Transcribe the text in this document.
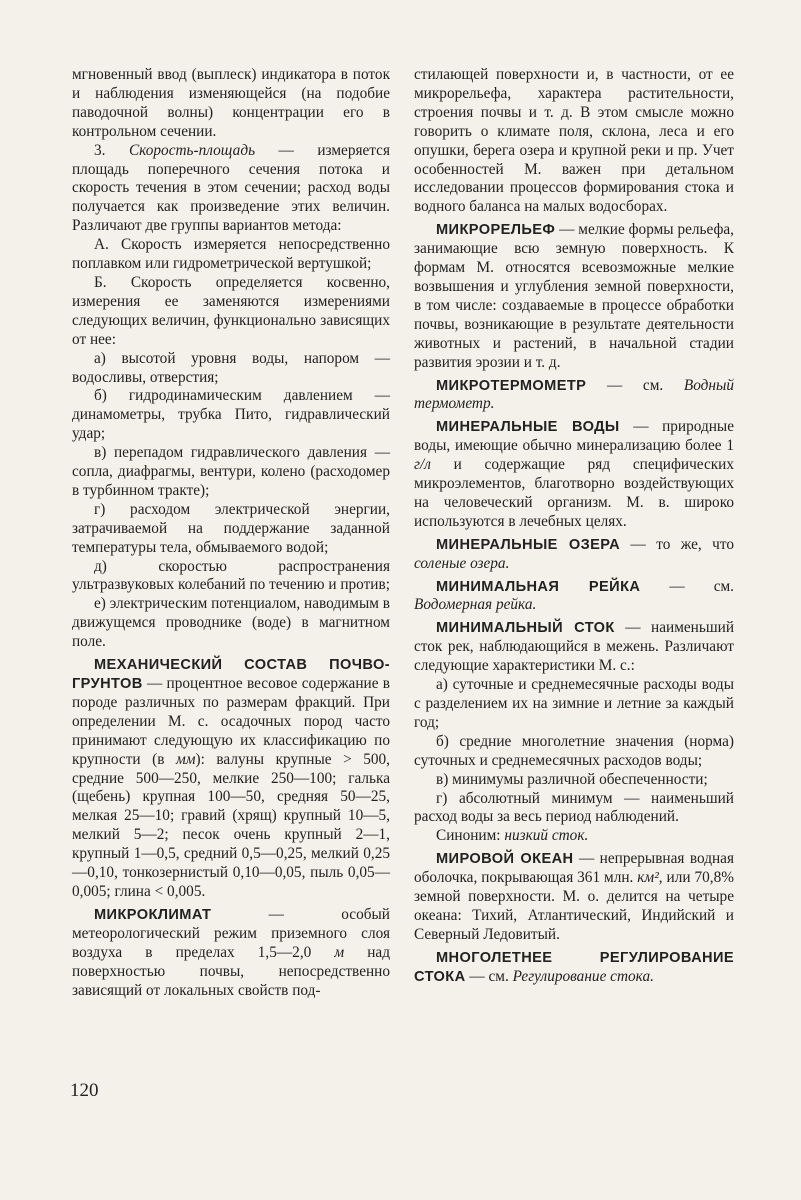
мгновенный ввод (выплеск) индикатора в поток и наблюдения изменяющейся (на подобие паводочной волны) концентрации его в контрольном сечении.

3. Скорость-площадь — измеряется площадь поперечного сечения потока и скорость течения в этом сечении; расход воды получается как произведение этих величин. Различают две группы вариантов метода:

А. Скорость измеряется непосредственно поплавком или гидрометрической вертушкой;

Б. Скорость определяется косвенно, измерения ее заменяются измерениями следующих величин, функционально зависящих от нее:

а) высотой уровня воды, напором — водосливы, отверстия;

б) гидродинамическим давлением — динамометры, трубка Пито, гидравлический удар;

в) перепадом гидравлического давления — сопла, диафрагмы, вентури, колено (расходомер в турбинном тракте);

г) расходом электрической энергии, затрачиваемой на поддержание заданной температуры тела, обмываемого водой;

д) скоростью распространения ультразвуковых колебаний по течению и против;

е) электрическим потенциалом, наводимым в движущемся проводнике (воде) в магнитном поле.

МЕХАНИЧЕСКИЙ СОСТАВ ПОЧВО-ГРУНТОВ — процентное весовое содержание в породе различных по размерам фракций. При определении М. с. осадочных пород часто принимают следующую их классификацию по крупности (в мм): валуны крупные > 500, средние 500—250, мелкие 250—100; галька (щебень) крупная 100—50, средняя 50—25, мелкая 25—10; гравий (хрящ) крупный 10—5, мелкий 5—2; песок очень крупный 2—1, крупный 1—0,5, средний 0,5—0,25, мелкий 0,25—0,10, тонкозернистый 0,10—0,05, пыль 0,05—0,005; глина < 0,005.

МИКРОКЛИМАТ — особый метеорологический режим приземного слоя воздуха в пределах 1,5—2,0 м над поверхностью почвы, непосредственно зависящий от локальных свойств под-

стилающей поверхности и, в частности, от ее микрорельефа, характера растительности, строения почвы и т. д. В этом смысле можно говорить о климате поля, склона, леса и его опушки, берега озера и крупной реки и пр. Учет особенностей М. важен при детальном исследовании процессов формирования стока и водного баланса на малых водосборах.

МИКРОРЕЛЬЕФ — мелкие формы рельефа, занимающие всю земную поверхность. К формам М. относятся всевозможные мелкие возвышения и углубления земной поверхности, в том числе: создаваемые в процессе обработки почвы, возникающие в результате деятельности животных и растений, в начальной стадии развития эрозии и т. д.

МИКРОТЕРМОМЕТР — см. Водный термометр.

МИНЕРАЛЬНЫЕ ВОДЫ — природные воды, имеющие обычно минерализацию более 1 г/л и содержащие ряд специфических микроэлементов, благотворно воздействующих на человеческий организм. М. в. широко используются в лечебных целях.

МИНЕРАЛЬНЫЕ ОЗЕРА — то же, что соленые озера.

МИНИМАЛЬНАЯ РЕЙКА — см. Водомерная рейка.

МИНИМАЛЬНЫЙ СТОК — наименьший сток рек, наблюдающийся в межень. Различают следующие характеристики М. с.:

а) суточные и среднемесячные расходы воды с разделением их на зимние и летние за каждый год;

б) средние многолетние значения (норма) суточных и среднемесячных расходов воды;

в) минимумы различной обеспеченности;

г) абсолютный минимум — наименьший расход воды за весь период наблюдений.

Синоним: низкий сток.

МИРОВОЙ ОКЕАН — непрерывная водная оболочка, покрывающая 361 млн. км², или 70,8% земной поверхности. М. о. делится на четыре океана: Тихий, Атлантический, Индийский и Северный Ледовитый.

МНОГОЛЕТНЕЕ РЕГУЛИРОВАНИЕ СТОКА — см. Регулирование стока.

120
